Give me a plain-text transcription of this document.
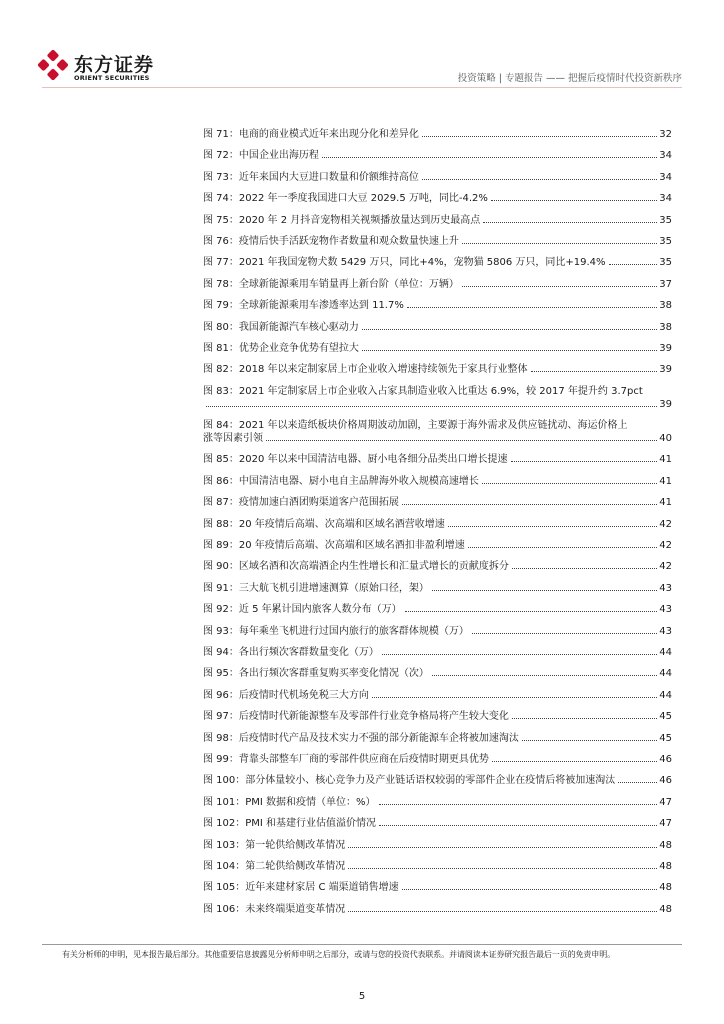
东方证券
ORIENT SECURITIES	投资策略 | 专题报告 —— 把握后疫情时代投资新秩序
图 71：电商的商业模式近年来出现分化和差异化	32
图 72：中国企业出海历程	34
图 73：近年来国内大豆进口数量和价额维持高位	34
图 74：2022 年一季度我国进口大豆 2029.5 万吨，同比-4.2%	34
图 75：2020 年 2 月抖音宠物相关视频播放量达到历史最高点	35
图 76：疫情后快手活跃宠物作者数量和观众数量快速上升	35
图 77：2021 年我国宠物犬数 5429 万只，同比+4%，宠物猫 5806 万只，同比+19.4%	35
图 78：全球新能源乘用车销量再上新台阶（单位：万辆）	37
图 79：全球新能源乘用车渗透率达到 11.7%	38
图 80：我国新能源汽车核心驱动力	38
图 81：优势企业竞争优势有望拉大	39
图 82：2018 年以来定制家居上市企业收入增速持续领先于家具行业整体	39
图 83：2021 年定制家居上市企业收入占家具制造业收入比重达 6.9%，较 2017 年提升约 3.7pct
39
图 84：2021 年以来造纸板块价格周期波动加剧，主要源于海外需求及供应链扰动、海运价格上
涨等因素引领	40
图 85：2020 年以来中国清洁电器、厨小电各细分品类出口增长提速	41
图 86：中国清洁电器、厨小电自主品牌海外收入规模高速增长	41
图 87：疫情加速白酒团购渠道客户范围拓展	41
图 88：20 年疫情后高端、次高端和区域名酒营收增速	42
图 89：20 年疫情后高端、次高端和区域名酒扣非盈利增速	42
图 90：区域名酒和次高端酒企内生性增长和汇量式增长的贡献度拆分	42
图 91：三大航飞机引进增速测算（原始口径，架）	43
图 92：近 5 年累计国内旅客人数分布（万）	43
图 93：每年乘坐飞机进行过国内旅行的旅客群体规模（万）	43
图 94：各出行频次客群数量变化（万）	44
图 95：各出行频次客群重复购买率变化情况（次）	44
图 96：后疫情时代机场免税三大方向	44
图 97：后疫情时代新能源整车及零部件行业竞争格局将产生较大变化	45
图 98：后疫情时代产品及技术实力不强的部分新能源车企将被加速淘汰	45
图 99：背靠头部整车厂商的零部件供应商在后疫情时期更具优势	46
图 100：部分体量较小、核心竞争力及产业链话语权较弱的零部件企业在疫情后将被加速淘汰	46
图 101：PMI 数据和疫情（单位：%）	47
图 102：PMI 和基建行业估值溢价情况	47
图 103：第一轮供给侧改革情况	48
图 104：第二轮供给侧改革情况	48
图 105：近年来建材家居 C 端渠道销售增速	48
图 106：未来终端渠道变革情况	48
有关分析师的申明，见本报告最后部分。其他重要信息披露见分析师申明之后部分，或请与您的投资代表联系。并请阅读本证券研究报告最后一页的免责申明。
5
